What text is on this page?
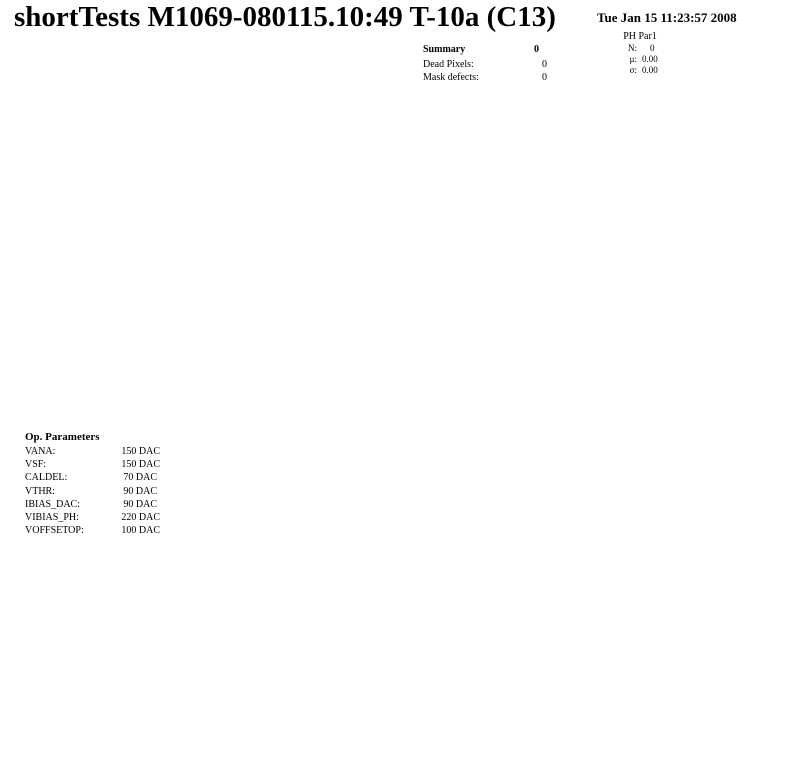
shortTests M1069-080115.10:49 T-10a (C13)	Tue Jan 15 11:23:57 2008
Summary	0
Dead Pixels:	0
Mask defects:	0
PH Par1
N: 0
μ: 0.00
σ: 0.00
Op. Parameters
VANA:	150 DAC
VSF:	150 DAC
CALDEL:	70 DAC
VTHR:	90 DAC
IBIAS_DAC:	90 DAC
VIBIAS_PH:	220 DAC
VOFFSETOP:	100 DAC
